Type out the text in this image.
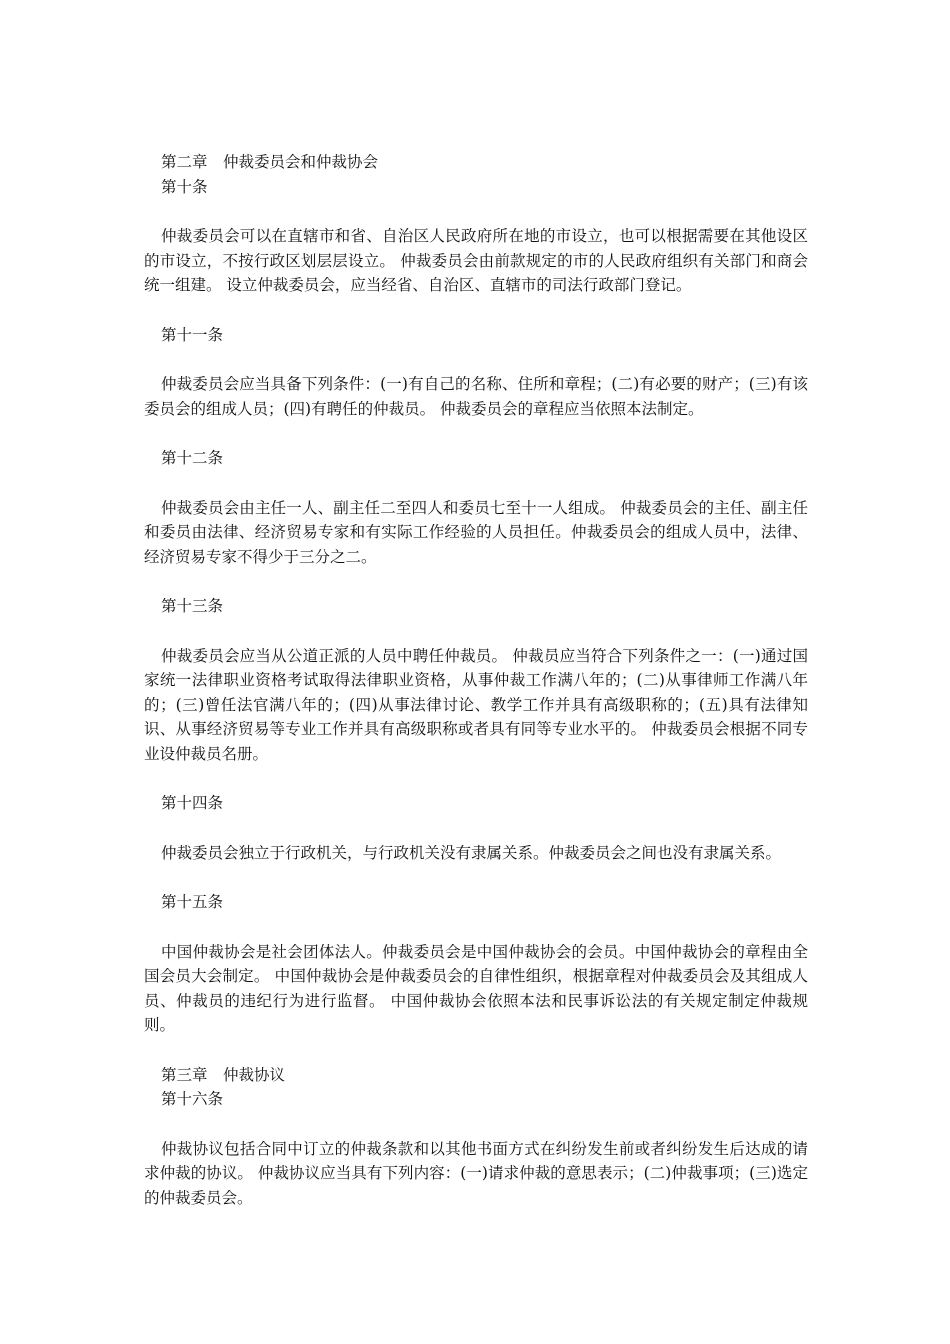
第二章　仲裁委员会和仲裁协会
第十条
仲裁委员会可以在直辖市和省、自治区人民政府所在地的市设立，也可以根据需要在其他设区的市设立，不按行政区划层层设立。 仲裁委员会由前款规定的市的人民政府组织有关部门和商会统一组建。 设立仲裁委员会，应当经省、自治区、直辖市的司法行政部门登记。
第十一条
仲裁委员会应当具备下列条件：(一)有自己的名称、住所和章程；(二)有必要的财产；(三)有该委员会的组成人员；(四)有聘任的仲裁员。 仲裁委员会的章程应当依照本法制定。
第十二条
仲裁委员会由主任一人、副主任二至四人和委员七至十一人组成。 仲裁委员会的主任、副主任和委员由法律、经济贸易专家和有实际工作经验的人员担任。仲裁委员会的组成人员中，法律、经济贸易专家不得少于三分之二。
第十三条
仲裁委员会应当从公道正派的人员中聘任仲裁员。 仲裁员应当符合下列条件之一：(一)通过国家统一法律职业资格考试取得法律职业资格，从事仲裁工作满八年的；(二)从事律师工作满八年的；(三)曾任法官满八年的；(四)从事法律讨论、教学工作并具有高级职称的；(五)具有法律知识、从事经济贸易等专业工作并具有高级职称或者具有同等专业水平的。 仲裁委员会根据不同专业设仲裁员名册。
第十四条
仲裁委员会独立于行政机关，与行政机关没有隶属关系。仲裁委员会之间也没有隶属关系。
第十五条
中国仲裁协会是社会团体法人。仲裁委员会是中国仲裁协会的会员。中国仲裁协会的章程由全国会员大会制定。 中国仲裁协会是仲裁委员会的自律性组织，根据章程对仲裁委员会及其组成人员、仲裁员的违纪行为进行监督。 中国仲裁协会依照本法和民事诉讼法的有关规定制定仲裁规则。
第三章　仲裁协议
第十六条
仲裁协议包括合同中订立的仲裁条款和以其他书面方式在纠纷发生前或者纠纷发生后达成的请求仲裁的协议。 仲裁协议应当具有下列内容：(一)请求仲裁的意思表示；(二)仲裁事项；(三)选定的仲裁委员会。
